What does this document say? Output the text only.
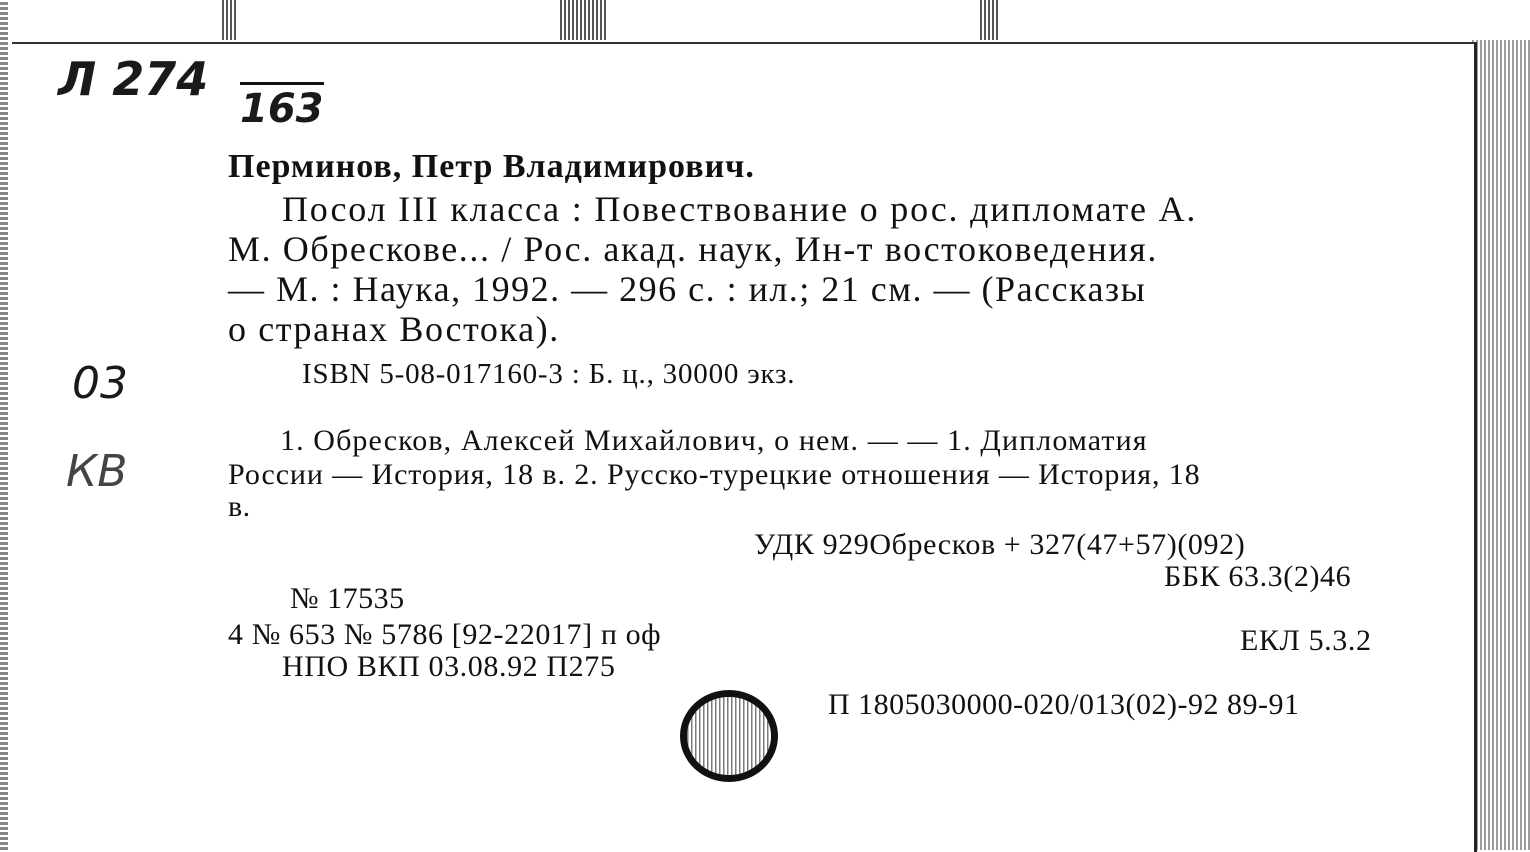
Л 274
163
03
КВ
Перминов, Петр Владимирович.
Посол III класса : Повествование о рос. дипломате А.
М. Обрескове... / Рос. акад. наук, Ин-т востоковедения.
— М. : Наука, 1992. — 296 с. : ил.; 21 см. — (Рассказы
о странах Востока).
ISBN 5-08-017160-3 : Б. ц., 30000 экз.
1. Обресков, Алексей Михайлович, о нем. — — 1. Дипломатия
России — История, 18 в. 2. Русско-турецкие отношения — История, 18
в.
УДК 929Обресков + 327(47+57)(092)
ББК 63.3(2)46
№ 17535
4 № 653 № 5786 [92-22017] п оф	ЕКЛ 5.3.2
НПО ВКП 03.08.92 П275
П 1805030000-020/013(02)-92 89-91
